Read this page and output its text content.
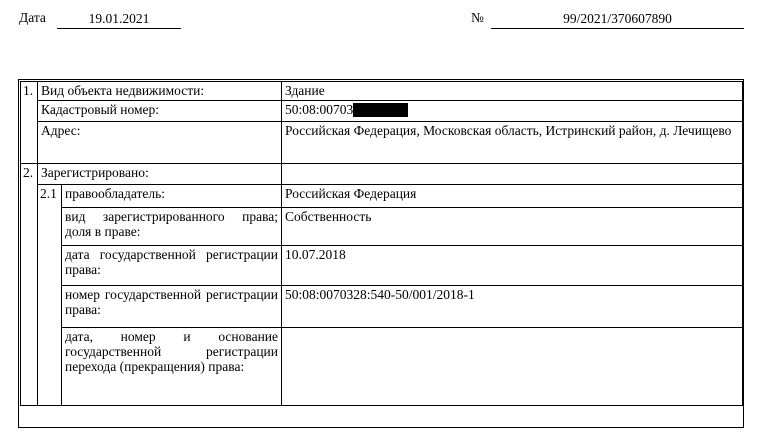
Дата	19.01.2021	№	99/2021/370607890
1.	Вид объекта недвижимости:		Здание
	Кадастровый номер:		50:08:00703
	Адрес:		Российская Федерация, Московская область, Истринский район, д. Лечищево
2.	Зарегистрировано:		
	2.1	правообладатель:	Российская Федерация
		вид зарегистрированного права; доля в праве:	Собственность
		дата государственной регистрации права:	10.07.2018
		номер государственной регистрации права:	50:08:0070328:540-50/001/2018-1
		дата, номер и основание государственной регистрации перехода (прекращения) права:	
